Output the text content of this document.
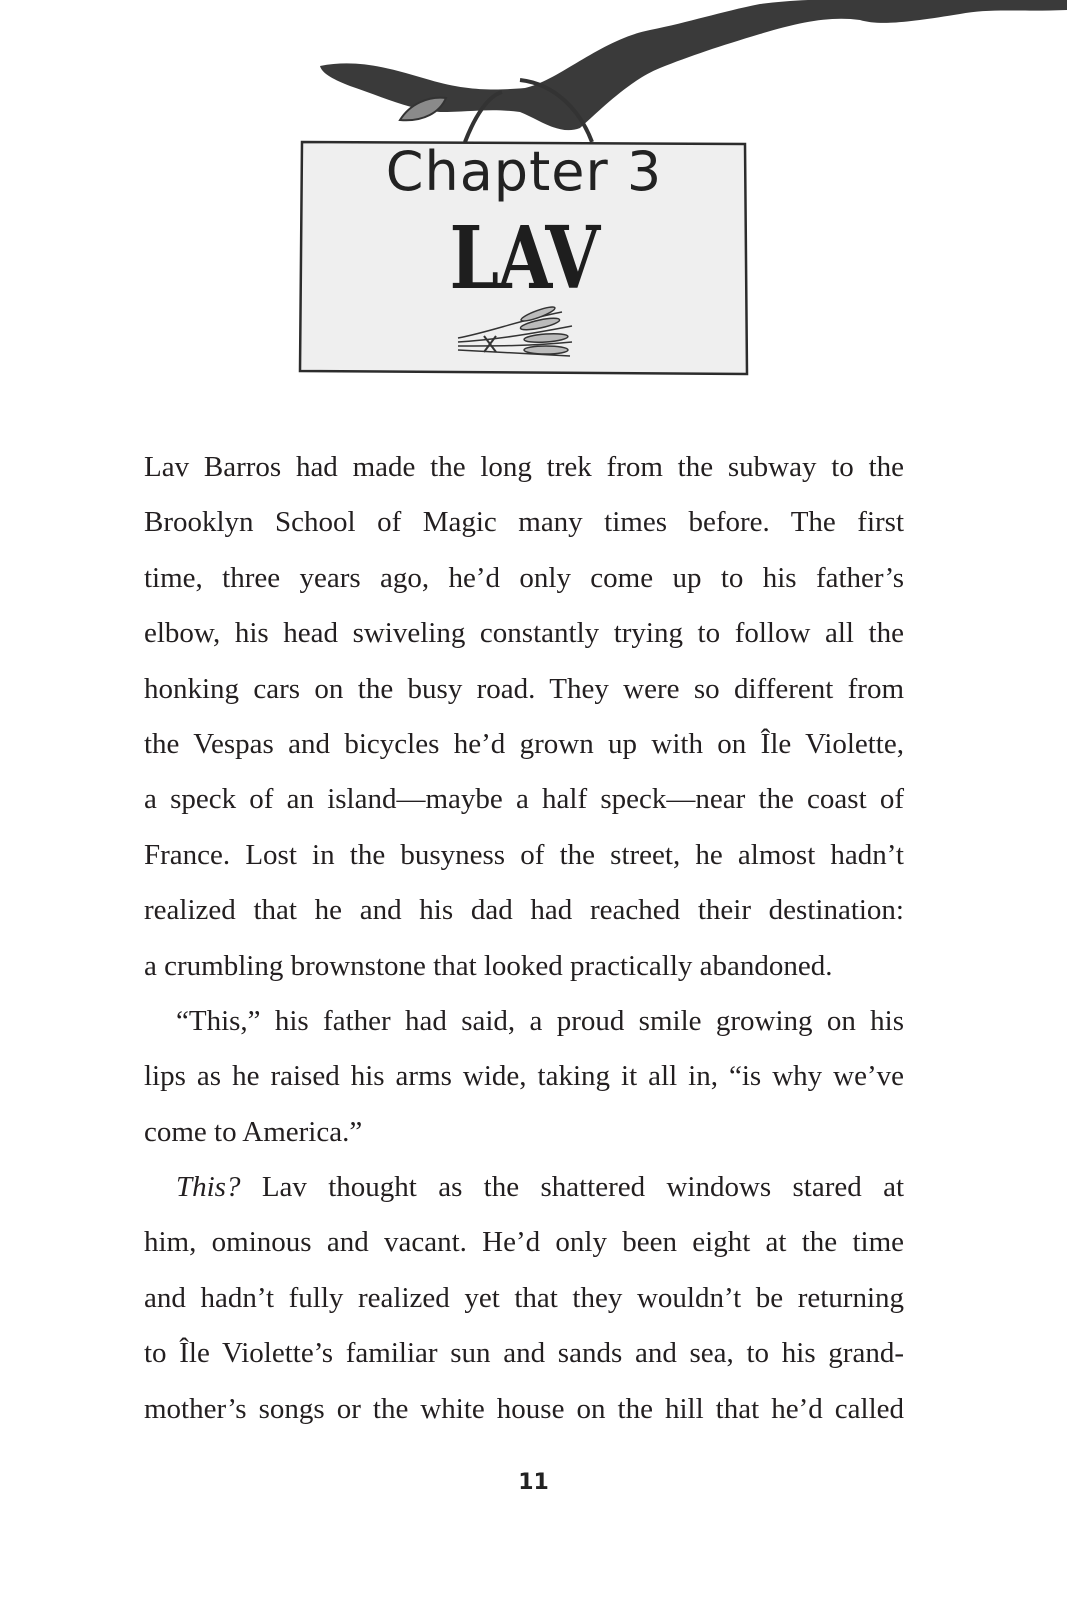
Chapter 3
LAV
Lav Barros had made the long trek from the subway to the
Brooklyn School of Magic many times before. The first
time, three years ago, he’d only come up to his father’s
elbow, his head swiveling constantly trying to follow all the
honking cars on the busy road. They were so different from
the Vespas and bicycles he’d grown up with on Île Violette,
a speck of an island—maybe a half speck—near the coast of
France. Lost in the busyness of the street, he almost hadn’t
realized that he and his dad had reached their destination:
a crumbling brownstone that looked practically abandoned.
“This,” his father had said, a proud smile growing on his
lips as he raised his arms wide, taking it all in, “is why we’ve
come to America.”
This? Lav thought as the shattered windows stared at
him, ominous and vacant. He’d only been eight at the time
and hadn’t fully realized yet that they wouldn’t be returning
to Île Violette’s familiar sun and sands and sea, to his grand-
mother’s songs or the white house on the hill that he’d called
11
